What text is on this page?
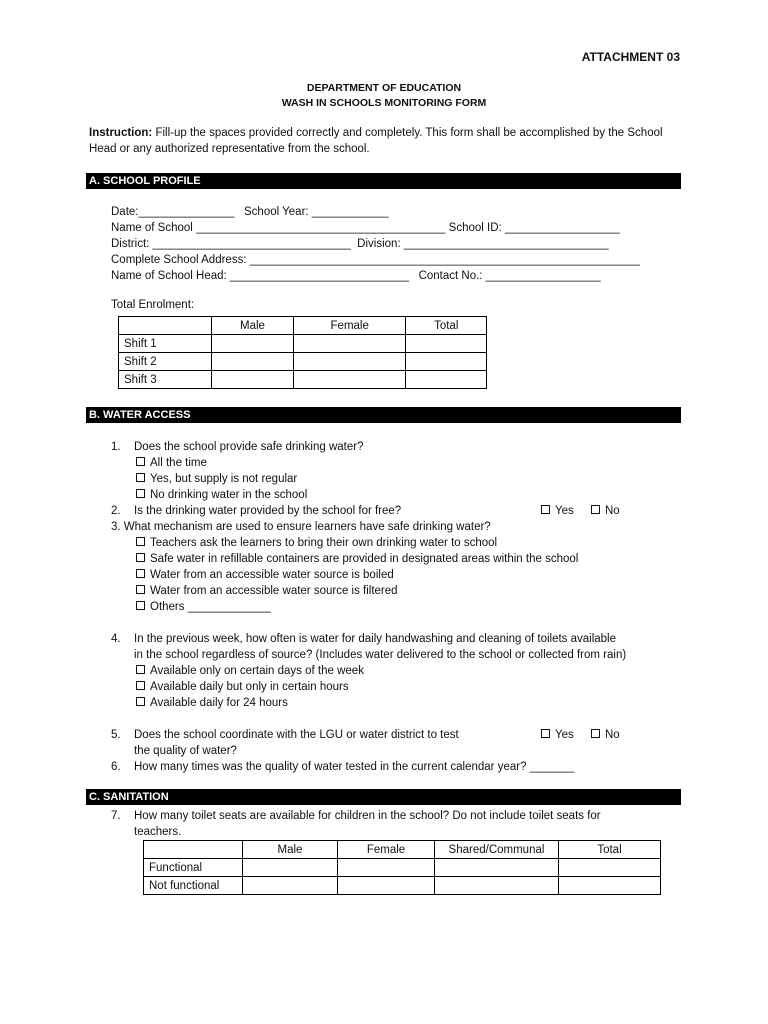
ATTACHMENT 03
DEPARTMENT OF EDUCATION
WASH IN SCHOOLS MONITORING FORM
Instruction: Fill-up the spaces provided correctly and completely. This form shall be accomplished by the School Head or any authorized representative from the school.
A. SCHOOL PROFILE
Date:_______________   School Year: ____________
Name of School _______________________________________ School ID: __________________
District: _______________________________  Division: ________________________________
Complete School Address: _____________________________________________________________
Name of School Head: ____________________________   Contact No.: __________________
Total Enrolment:
	Male	Female	Total
Shift 1			
Shift 2			
Shift 3			
B. WATER ACCESS
1. Does the school provide safe drinking water?
All the time
Yes, but supply is not regular
No drinking water in the school
2. Is the drinking water provided by the school for free?	Yes	No
3. What mechanism are used to ensure learners have safe drinking water?
Teachers ask the learners to bring their own drinking water to school
Safe water in refillable containers are provided in designated areas within the school
Water from an accessible water source is boiled
Water from an accessible water source is filtered
Others _____________
4. In the previous week, how often is water for daily handwashing and cleaning of toilets available
in the school regardless of source? (Includes water delivered to the school or collected from rain)
Available only on certain days of the week
Available daily but only in certain hours
Available daily for 24 hours
5. Does the school coordinate with the LGU or water district to test	Yes	No
the quality of water?
6. How many times was the quality of water tested in the current calendar year? _______
C. SANITATION
7. How many toilet seats are available for children in the school? Do not include toilet seats for
teachers.
	Male	Female	Shared/Communal	Total
Functional				
Not functional				
